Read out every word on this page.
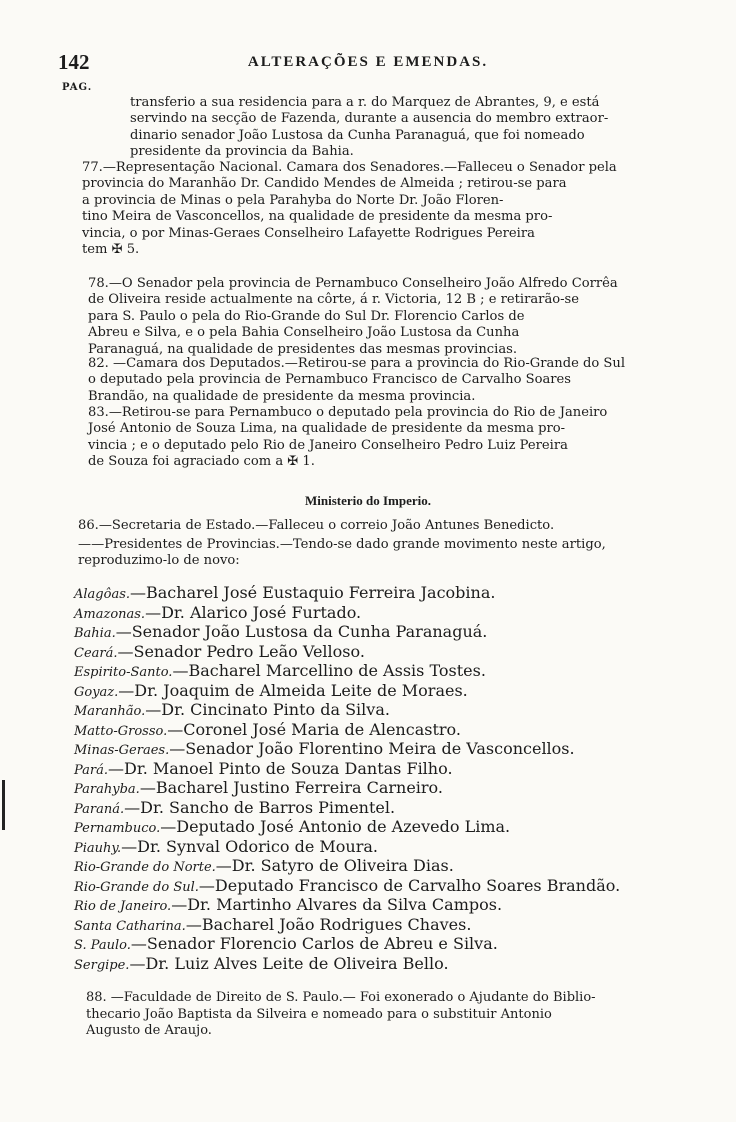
142	ALTERAÇÕES E EMENDAS.
PAG.
transferio a sua residencia para a r. do Marquez de Abrantes, 9, e está
servindo na secção de Fazenda, durante a ausencia do membro extraor-
dinario senador João Lustosa da Cunha Paranaguá, que foi nomeado
presidente da provincia da Bahia.
77.—Representação Nacional. Camara dos Senadores.—Falleceu o Senador pela
provincia do Maranhão Dr. Candido Mendes de Almeida ; retirou-se para
a provincia de Minas o pela Parahyba do Norte Dr. João Floren-
tino Meira de Vasconcellos, na qualidade de presidente da mesma pro-
vincia, o por Minas-Geraes Conselheiro Lafayette Rodrigues Pereira
tem ✠ 5.
78.—O Senador pela provincia de Pernambuco Conselheiro João Alfredo Corrêa
de Oliveira reside actualmente na côrte, á r. Victoria, 12 B ; e retirarão-se
para S. Paulo o pela do Rio-Grande do Sul Dr. Florencio Carlos de
Abreu e Silva, e o pela Bahia Conselheiro João Lustosa da Cunha
Paranaguá, na qualidade de presidentes das mesmas provincias.
82. —Camara dos Deputados.—Retirou-se para a provincia do Rio-Grande do Sul
o deputado pela provincia de Pernambuco Francisco de Carvalho Soares
Brandão, na qualidade de presidente da mesma provincia.
83.—Retirou-se para Pernambuco o deputado pela provincia do Rio de Janeiro
José Antonio de Souza Lima, na qualidade de presidente da mesma pro-
vincia ; e o deputado pelo Rio de Janeiro Conselheiro Pedro Luiz Pereira
de Souza foi agraciado com a ✠ 1.
Ministerio do Imperio.
86.—Secretaria de Estado.—Falleceu o correio João Antunes Benedicto.
——Presidentes de Provincias.—Tendo-se dado grande movimento neste artigo,
reproduzimo-lo de novo:
Alagôas.—Bacharel José Eustaquio Ferreira Jacobina.
Amazonas.—Dr. Alarico José Furtado.
Bahia.—Senador João Lustosa da Cunha Paranaguá.
Ceará.—Senador Pedro Leão Velloso.
Espirito-Santo.—Bacharel Marcellino de Assis Tostes.
Goyaz.—Dr. Joaquim de Almeida Leite de Moraes.
Maranhão.—Dr. Cincinato Pinto da Silva.
Matto-Grosso.—Coronel José Maria de Alencastro.
Minas-Geraes.—Senador João Florentino Meira de Vasconcellos.
Pará.—Dr. Manoel Pinto de Souza Dantas Filho.
Parahyba.—Bacharel Justino Ferreira Carneiro.
Paraná.—Dr. Sancho de Barros Pimentel.
Pernambuco.—Deputado José Antonio de Azevedo Lima.
Piauhy.—Dr. Synval Odorico de Moura.
Rio-Grande do Norte.—Dr. Satyro de Oliveira Dias.
Rio-Grande do Sul.—Deputado Francisco de Carvalho Soares Brandão.
Rio de Janeiro.—Dr. Martinho Alvares da Silva Campos.
Santa Catharina.—Bacharel João Rodrigues Chaves.
S. Paulo.—Senador Florencio Carlos de Abreu e Silva.
Sergipe.—Dr. Luiz Alves Leite de Oliveira Bello.
88. —Faculdade de Direito de S. Paulo.— Foi exonerado o Ajudante do Biblio-
thecario João Baptista da Silveira e nomeado para o substituir Antonio
Augusto de Araujo.
